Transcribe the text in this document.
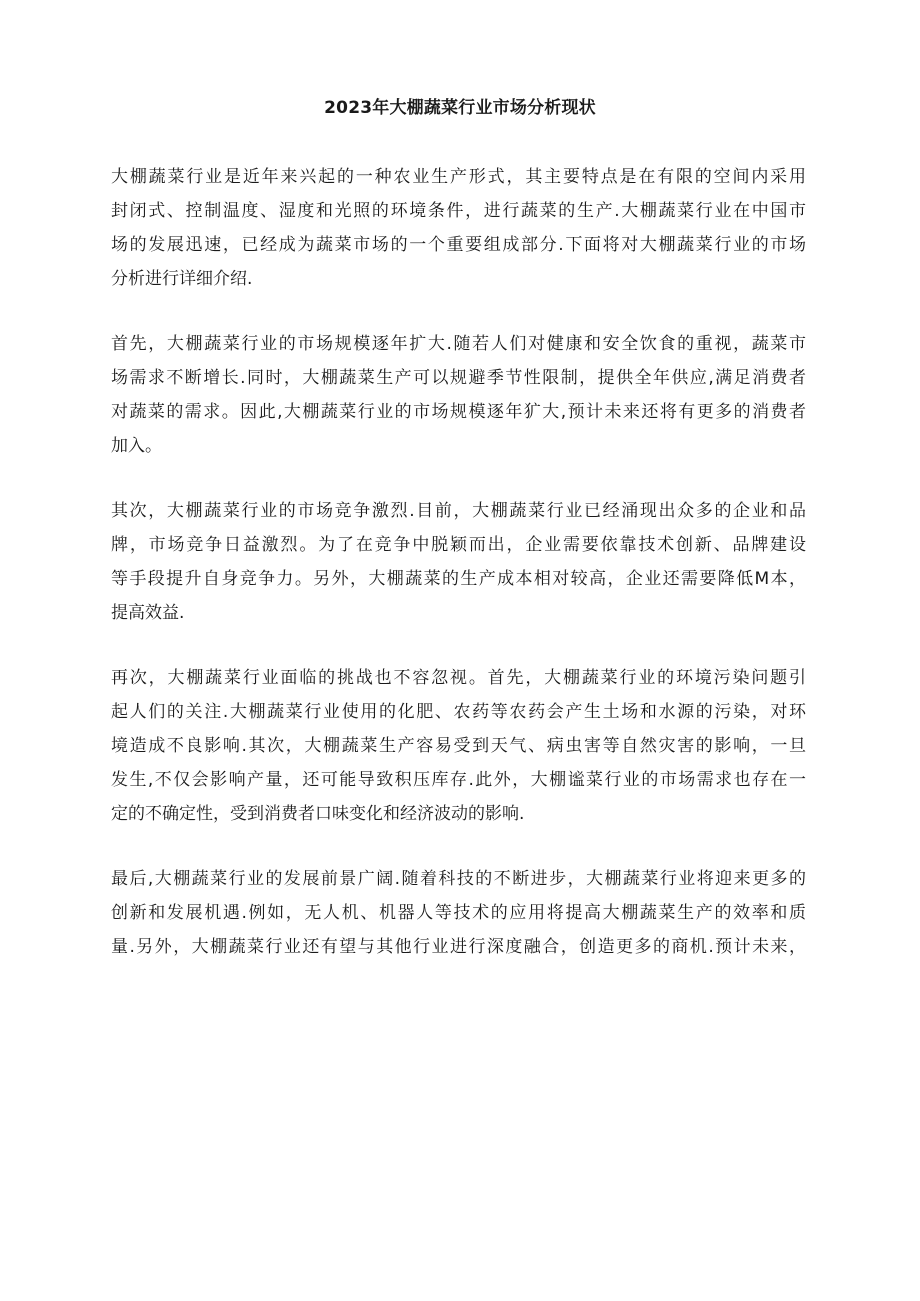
2023年大棚蔬菜行业市场分析现状
大棚蔬菜行业是近年来兴起的一种农业生产形式，其主要特点是在有限的空间内采用
封闭式、控制温度、湿度和光照的环境条件，进行蔬菜的生产.大棚蔬菜行业在中国市
场的发展迅速，已经成为蔬菜市场的一个重要组成部分.下面将对大棚蔬菜行业的市场
分析进行详细介绍.
首先，大棚蔬菜行业的市场规模逐年扩大.随若人们对健康和安全饮食的重视，蔬菜市
场需求不断增长.同时，大棚蔬菜生产可以规避季节性限制，提供全年供应,满足消费者
对蔬菜的需求。因此,大棚蔬菜行业的市场规模逐年犷大,预计未来还将有更多的消费者
加入。
其次，大棚蔬菜行业的市场竞争激烈.目前，大棚蔬菜行业已经涌现出众多的企业和品
牌，市场竞争日益激烈。为了在竞争中脱颖而出，企业需要依靠技术创新、品牌建设
等手段提升自身竞争力。另外，大棚蔬菜的生产成本相对较高，企业还需要降低M本，
提高效益.
再次，大棚蔬菜行业面临的挑战也不容忽视。首先，大棚蔬菜行业的环境污染问题引
起人们的关注.大棚蔬菜行业使用的化肥、农药等农药会产生土场和水源的污染，对环
境造成不良影响.其次，大棚蔬菜生产容易受到天气、病虫害等自然灾害的影响，一旦
发生,不仅会影响产量，还可能导致积压库存.此外，大棚谧菜行业的市场需求也存在一
定的不确定性，受到消费者口味变化和经济波动的影响.
最后,大棚蔬菜行业的发展前景广阔.随着科技的不断进步，大棚蔬菜行业将迎来更多的
创新和发展机遇.例如，无人机、机器人等技术的应用将提高大棚蔬菜生产的效率和质
量.另外，大棚蔬菜行业还有望与其他行业进行深度融合，创造更多的商机.预计未来，
